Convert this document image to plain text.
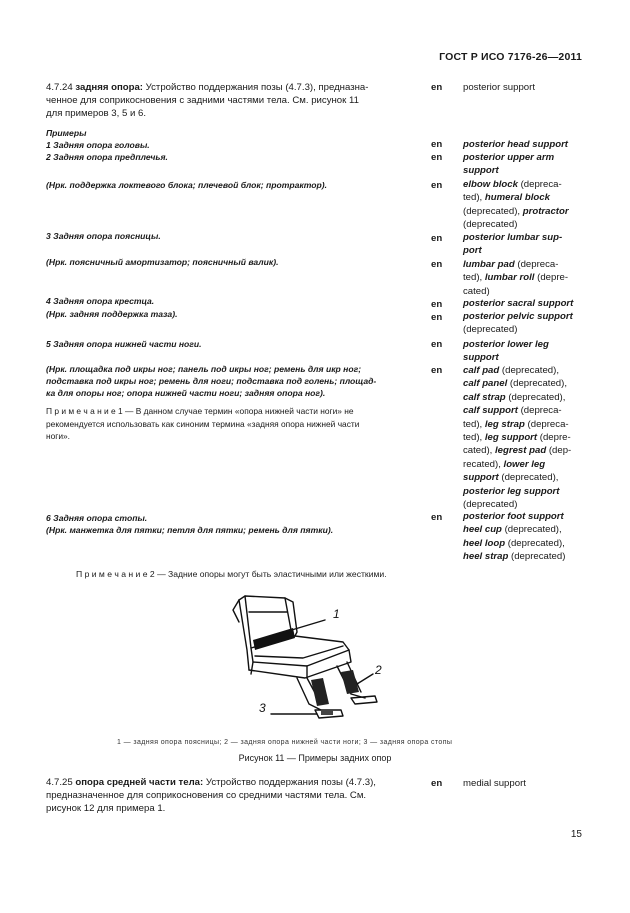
ГОСТ Р ИСО 7176-26—2011
4.7.24 задняя опора: Устройство поддержания позы (4.7.3), предназна-
ченное для соприкосновения с задними частями тела. См. рисунок 11
для примеров 3, 5 и 6.
en	posterior support
Примеры
1 Задняя опора головы.
2 Задняя опора предплечья.
(Нрк. поддержка локтевого блока; плечевой блок; протрактор).
3 Задняя опора поясницы.
(Нрк. поясничный амортизатор; поясничный валик).
4 Задняя опора крестца.
(Нрк. задняя поддержка таза).
5 Задняя опора нижней части ноги.
(Нрк. площадка под икры ног; панель под икры ног; ремень для икр ног;
подставка под икры ног; ремень для ноги; подставка под голень; площад-
ка для опоры ног; опора нижней части ноги; задняя опора ног).
П р и м е ч а н и е 1 — В данном случае термин «опора нижней части ноги» не
рекомендуется использовать как синоним термина «задняя опора нижней части
ноги».
6 Задняя опора стопы.
(Нрк. манжетка для пятки; петля для пятки; ремень для пятки).
en
en
en
en
en
en
en
en
en
en
posterior head support
posterior upper arm
support
elbow block (deprеca-
ted), humeral block
(deprecated), protractor
(deprecated)
posterior lumbar sup-
port
lumbar pad (depreca-
ted), lumbar roll (depre-
cated)
posterior sacral support
posterior pelvic support
(deprecated)
posterior lower leg
support
calf pad (deprecated),
calf panel (deprecated),
calf strap (deprecated),
calf support (depreca-
ted), leg strap (depreca-
ted), leg support (depre-
cated), legrest pad (dep-
recated), lower leg
support (deprecated),
posterior leg support
(deprecated)
posterior foot support
heel cup (deprecated),
heel loop (deprecated),
heel strap (deprecated)
П р и м е ч а н и е 2 — Задние опоры могут быть эластичными или жесткими.
1
2
3
1 — задняя опора поясницы; 2 — задняя опора нижней части ноги; 3 — задняя опора стопы
Рисунок 11 — Примеры задних опор
4.7.25 опора средней части тела: Устройство поддержания позы (4.7.3),
предназначенное для соприкосновения со средними частями тела. См.
рисунок 12 для примера 1.
en	medial support
15
